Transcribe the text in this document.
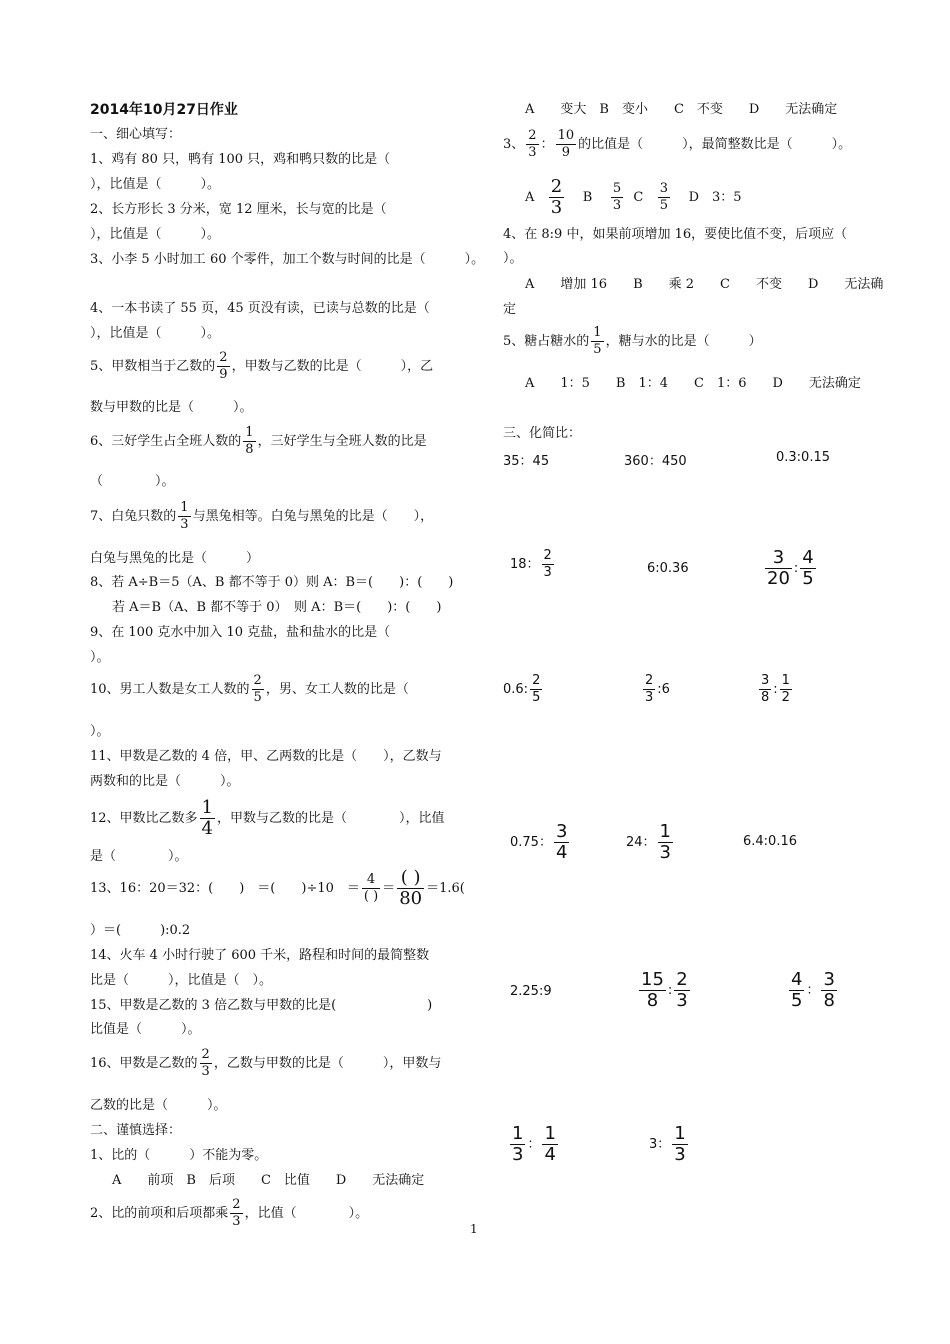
2014年10月27日作业
一、细心填写：
1、鸡有 80 只，鸭有 100 只，鸡和鸭只数的比是（
），比值是（　　　）。
2、长方形长 3 分米，宽 12 厘米，长与宽的比是（
），比值是（　　　）。
3、小李 5 小时加工 60 个零件，加工个数与时间的比是（　　　）。
4、一本书读了 55 页，45 页没有读，已读与总数的比是（
），比值是（　　　）。
5、甲数相当于乙数的 $\frac{2}{9}$ ，甲数与乙数的比是（　　　），乙
数与甲数的比是（　　　）。
6、三好学生占全班人数的 $\frac{1}{8}$ ，三好学生与全班人数的比是
（　　　　）。
7、白兔只数的 $\frac{1}{3}$ 与黑兔相等。白兔与黑兔的比是（　　），
白兔与黑兔的比是（　　　）
8、若 A÷B＝5（A、B 都不等于 0）则 A：B＝(　　)：(　　)
若 A＝B（A、B 都不等于 0）　则 A：B＝(　　)：(　　)
9、在 100 克水中加入 10 克盐，盐和盐水的比是（
）。
10、男工人数是女工人数的 $\frac{2}{5}$ ，男、女工人数的比是（
）。
11、甲数是乙数的 4 倍，甲、乙两数的比是（　　），乙数与
两数和的比是（　　　）。
12、甲数比乙数多 $\frac{1}{4}$ ，甲数与乙数的比是（　　　　），比值
是（　　　　）。
13、16：20＝32：(　　)　＝(　　)÷10　＝ $\frac{4}{( )} = \frac{( )}{80} =1.6$(
）＝(　　　):0.2
14、火车 4 小时行驶了 600 千米，路程和时间的最简整数
比是（　　　），比值是（　）。
15、甲数是乙数的 3 倍乙数与甲数的比是(　　　　　　　)
比值是（　　　）。
16、甲数是乙数的 $\frac{2}{3}$ ，乙数与甲数的比是（　　　），甲数与
乙数的比是（　　　）。
二、谨慎选择：
1、比的（　　　）不能为零。
A　　前项　B　后项　　C　比值　　D　　无法确定
2、比的前项和后项都乘 $\frac{2}{3}$ ，比值（　　　　）。
A　　变大　B　变小　　C　不变　　D　　无法确定
3、 $\frac{2}{3}$ ： $\frac{10}{9}$ 的比值是（　　　），最简整数比是（　　　）。
A $\frac{2}{3}$ B $\frac{5}{3}$ C $\frac{3}{5}$ D　3：5
4、在 8:9 中，如果前项增加 16，要使比值不变，后项应（
）。
A　　增加 16　　B　　乘 2　　C　　不变　　D　　无法确
定
5、糖占糖水的 $\frac{1}{5}$ ，糖与水的比是（　　　）
A　　1：5　　B　1：4　　C　1：6　　D　　无法确定
三、化简比：
35：45	360：450	0.3:0.15
18： $\frac{2}{3}$	6:0.36	$\frac{3}{20}$ : $\frac{4}{5}$
0.6: $\frac{2}{5}$	$\frac{2}{3}$ :6	$\frac{3}{8}$ : $\frac{1}{2}$
0.75： $\frac{3}{4}$	24： $\frac{1}{3}$	6.4:0.16
2.25:9	$\frac{15}{8}$ : $\frac{2}{3}$	$\frac{4}{5}$ ： $\frac{3}{8}$
$\frac{1}{3}$ ： $\frac{1}{4}$	3： $\frac{1}{3}$
1
